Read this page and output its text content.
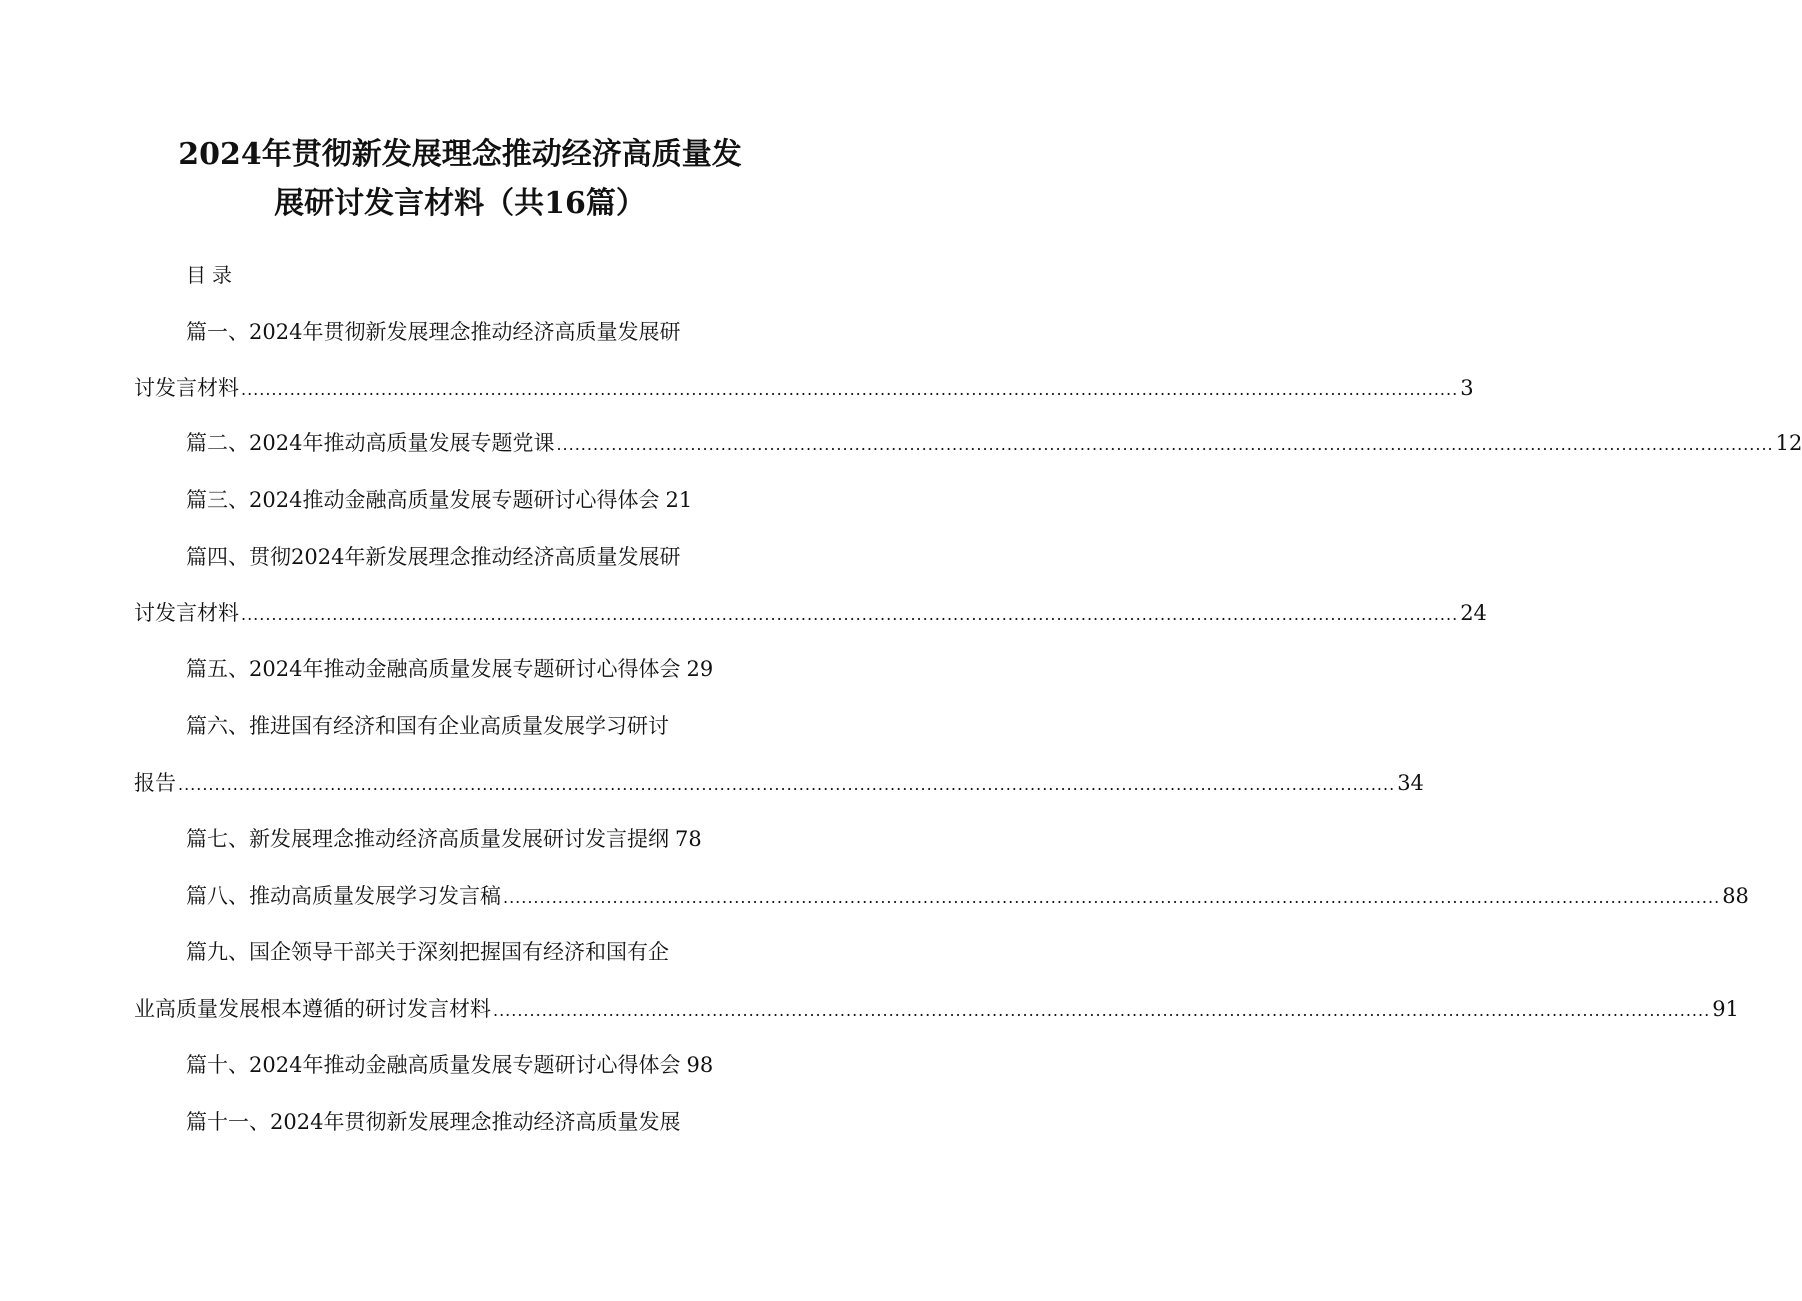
2024年贯彻新发展理念推动经济高质量发
展研讨发言材料（共16篇）
目录
篇一、2024年贯彻新发展理念推动经济高质量发展研
讨发言材料 ........................................................................................................................................................................................................ 3
篇二、2024年推动高质量发展专题党课 ........................................................................................................................................................................................................ 12
篇三、2024推动金融高质量发展专题研讨心得体会 21
篇四、贯彻2024年新发展理念推动经济高质量发展研
讨发言材料 ........................................................................................................................................................................................................ 24
篇五、2024年推动金融高质量发展专题研讨心得体会 29
篇六、推进国有经济和国有企业高质量发展学习研讨
报告 ........................................................................................................................................................................................................ 34
篇七、新发展理念推动经济高质量发展研讨发言提纲 78
篇八、推动高质量发展学习发言稿 ........................................................................................................................................................................................................ 88
篇九、国企领导干部关于深刻把握国有经济和国有企
业高质量发展根本遵循的研讨发言材料 ........................................................................................................................................................................................................ 91
篇十、2024年推动金融高质量发展专题研讨心得体会 98
篇十一、2024年贯彻新发展理念推动经济高质量发展
